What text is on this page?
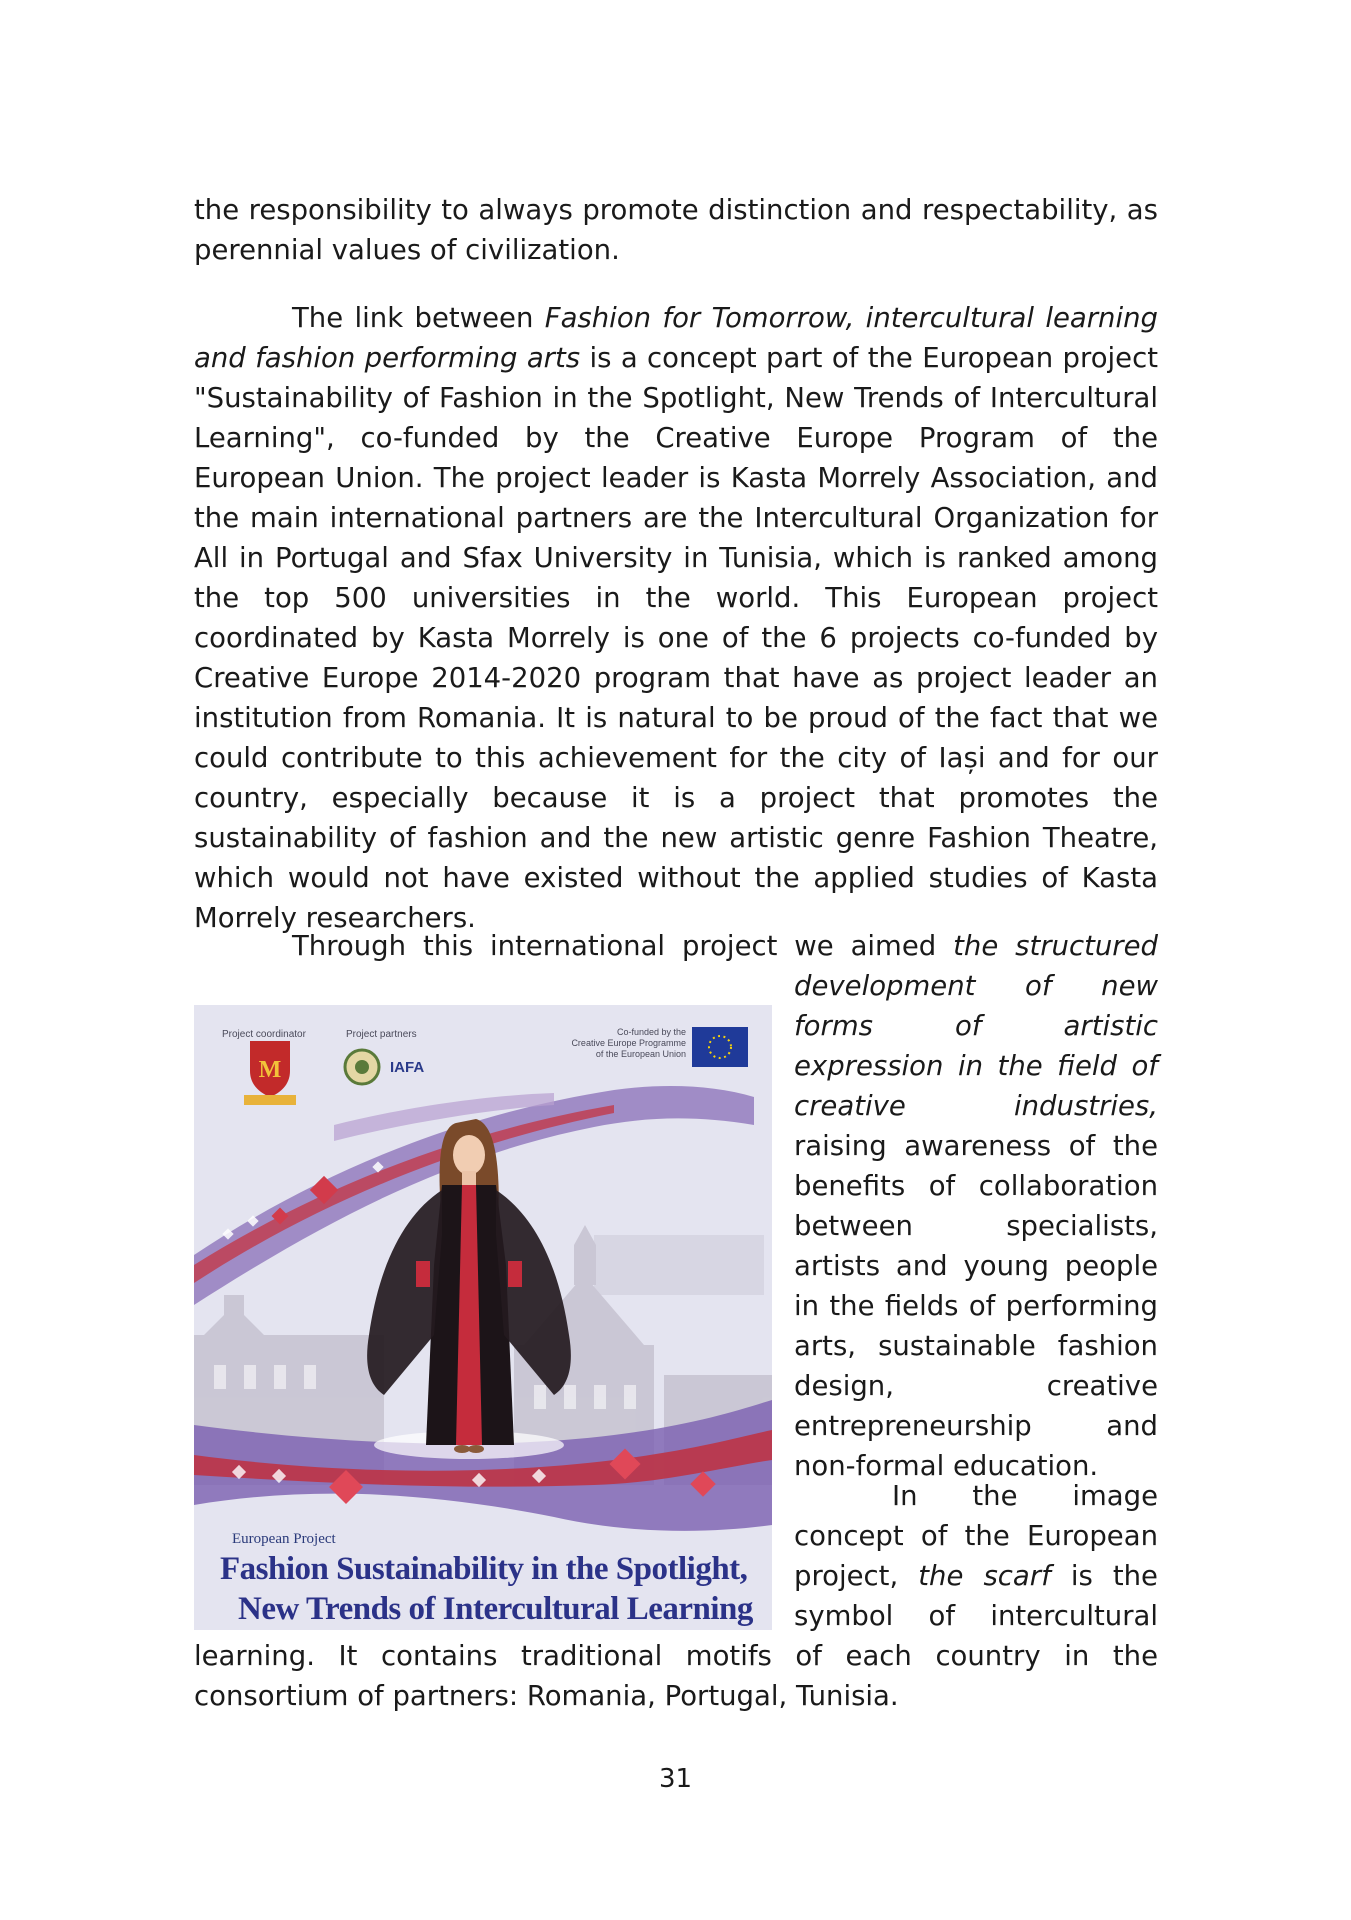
the responsibility to always promote distinction and respectability, as perennial values of civilization.

The link between Fashion for Tomorrow, intercultural learning and fashion performing arts is a concept part of the European project "Sustainability of Fashion in the Spotlight, New Trends of Intercultural Learning", co-funded by the Creative Europe Program of the European Union. The project leader is Kasta Morrely Association, and the main international partners are the Intercultural Organization for All in Portugal and Sfax University in Tunisia, which is ranked among the top 500 universities in the world. This European project coordinated by Kasta Morrely is one of the 6 projects co-funded by Creative Europe 2014-2020 program that have as project leader an institution from Romania. It is natural to be proud of the fact that we could contribute to this achievement for the city of Iași and for our country, especially because it is a project that promotes the sustainability of fashion and the new artistic genre Fashion Theatre, which would not have existed without the applied studies of Kasta Morrely researchers.

Through this international project we aimed the structured

development of new forms of artistic expression in the field of creative industries, raising awareness of the benefits of collaboration between specialists, artists and young people in the fields of performing arts, sustainable fashion design, creative entrepreneurship and non-formal education.

In the image concept of the European project, the scarf is the symbol of intercultural

learning. It contains traditional motifs of each country in the consortium of partners: Romania, Portugal, Tunisia.

M
Project coordinator	Project partners
IAFA
Co-funded by the
Creative Europe Programme
of the European Union
European Project
Fashion Sustainability in the Spotlight,
New Trends of Intercultural Learning
31
